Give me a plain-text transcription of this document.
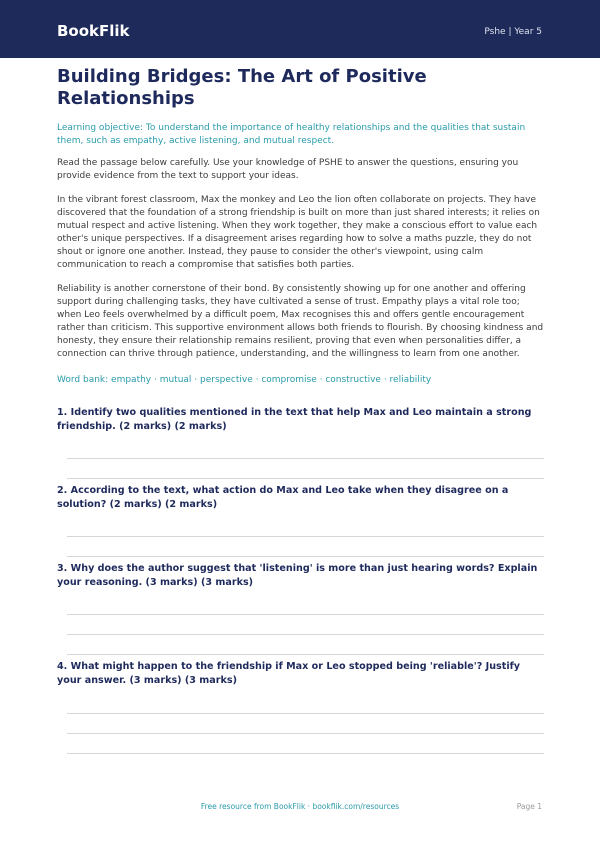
BookFlik	Pshe | Year 5
Building Bridges: The Art of Positive Relationships

Learning objective: To understand the importance of healthy relationships and the qualities that sustain them, such as empathy, active listening, and mutual respect.

Read the passage below carefully. Use your knowledge of PSHE to answer the questions, ensuring you provide evidence from the text to support your ideas.

In the vibrant forest classroom, Max the monkey and Leo the lion often collaborate on projects. They have discovered that the foundation of a strong friendship is built on more than just shared interests; it relies on mutual respect and active listening. When they work together, they make a conscious effort to value each other's unique perspectives. If a disagreement arises regarding how to solve a maths puzzle, they do not shout or ignore one another. Instead, they pause to consider the other's viewpoint, using calm communication to reach a compromise that satisfies both parties.

Reliability is another cornerstone of their bond. By consistently showing up for one another and offering support during challenging tasks, they have cultivated a sense of trust. Empathy plays a vital role too; when Leo feels overwhelmed by a difficult poem, Max recognises this and offers gentle encouragement rather than criticism. This supportive environment allows both friends to flourish. By choosing kindness and honesty, they ensure their relationship remains resilient, proving that even when personalities differ, a connection can thrive through patience, understanding, and the willingness to learn from one another.

Word bank: empathy · mutual · perspective · compromise · constructive · reliability

1. Identify two qualities mentioned in the text that help Max and Leo maintain a strong friendship. (2 marks) (2 marks)

2. According to the text, what action do Max and Leo take when they disagree on a solution? (2 marks) (2 marks)

3. Why does the author suggest that 'listening' is more than just hearing words? Explain your reasoning. (3 marks) (3 marks)

4. What might happen to the friendship if Max or Leo stopped being 'reliable'? Justify your answer. (3 marks) (3 marks)

Free resource from BookFlik · bookflik.com/resources	Page 1
